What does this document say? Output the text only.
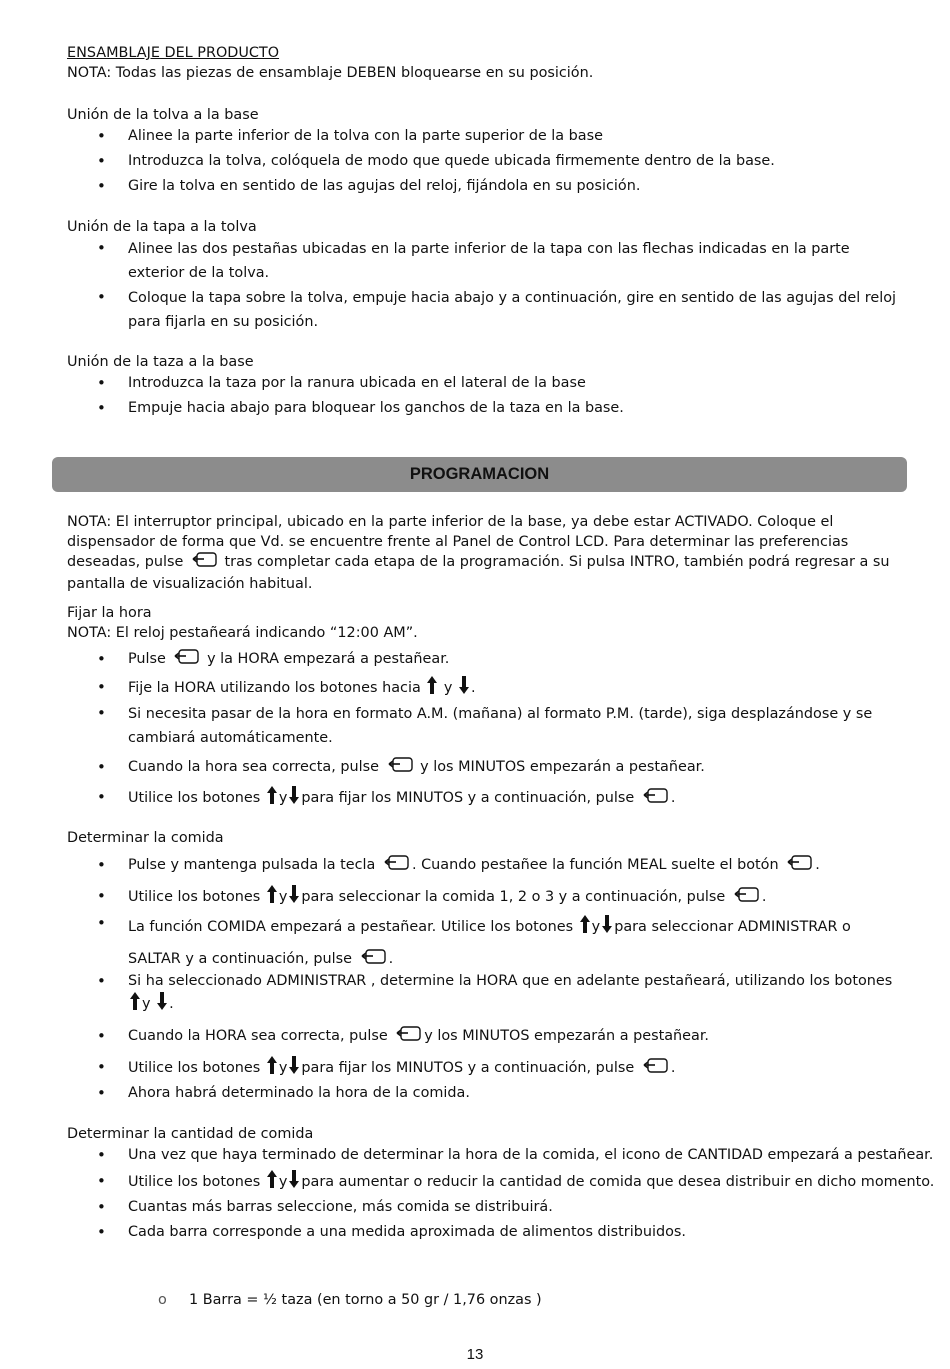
ENSAMBLAJE DEL PRODUCTO
NOTA: Todas las piezas de ensamblaje DEBEN bloquearse en su posición.
Unión de la tolva a la base
•
Alinee la parte inferior de la tolva con la parte superior de la base
•
Introduzca la tolva, colóquela de modo que quede ubicada firmemente dentro de la base.
•
Gire la tolva en sentido de las agujas del reloj, fijándola en su posición.
Unión de la tapa a la tolva
•
Alinee las dos pestañas ubicadas en la parte inferior de la tapa con las flechas indicadas en la parte exterior de la tolva.
•
Coloque la tapa sobre la tolva, empuje hacia abajo y a continuación, gire en sentido de las agujas del reloj para fijarla en su posición.
Unión de la taza a la base
•
Introduzca la taza por la ranura ubicada en el lateral de la base
•
Empuje hacia abajo para bloquear los ganchos de la taza en la base.
PROGRAMACION
NOTA: El interruptor principal, ubicado en la parte inferior de la base, ya debe estar ACTIVADO. Coloque el dispensador de forma que Vd. se encuentre frente al Panel de Control LCD. Para determinar las preferencias deseadas, pulse	tras completar cada etapa de la programación. Si pulsa INTRO, también podrá regresar a su pantalla de visualización habitual.
Fijar la hora
NOTA: El reloj pestañeará indicando “12:00 AM”.
•
Pulse	y la HORA empezará a pestañear.
•
Fije la HORA utilizando los botones hacia y .
•
Si necesita pasar de la hora en formato A.M. (mañana) al formato P.M. (tarde), siga desplazándose y se cambiará automáticamente.
•
Cuando la hora sea correcta, pulse	y los MINUTOS empezarán a pestañear.
•
Utilice los botones y para fijar los MINUTOS y a continuación, pulse	.
Determinar la comida
•
Pulse y mantenga pulsada la tecla	. Cuando pestañee la función MEAL suelte el botón	.
•
Utilice los botones y para seleccionar la comida 1, 2 o 3 y a continuación, pulse	.
•
La función COMIDA empezará a pestañear. Utilice los botones y para seleccionar ADMINISTRAR o SALTAR y a continuación, pulse	.
•
Si ha seleccionado ADMINISTRAR , determine la HORA que en adelante pestañeará, utilizando los botones y .
•
Cuando la HORA sea correcta, pulse	y los MINUTOS empezarán a pestañear.
•
Utilice los botones y para fijar los MINUTOS y a continuación, pulse	.
•
Ahora habrá determinado la hora de la comida.
Determinar la cantidad de comida
•
Una vez que haya terminado de determinar la hora de la comida, el icono de CANTIDAD empezará a pestañear.
•
Utilice los botones y para aumentar o reducir la cantidad de comida que desea distribuir en dicho momento.
•
Cuantas más barras seleccione, más comida se distribuirá.
•
Cada barra corresponde a una medida aproximada de alimentos distribuidos.
o 1 Barra = ½ taza (en torno a 50 gr / 1,76 onzas )
13
